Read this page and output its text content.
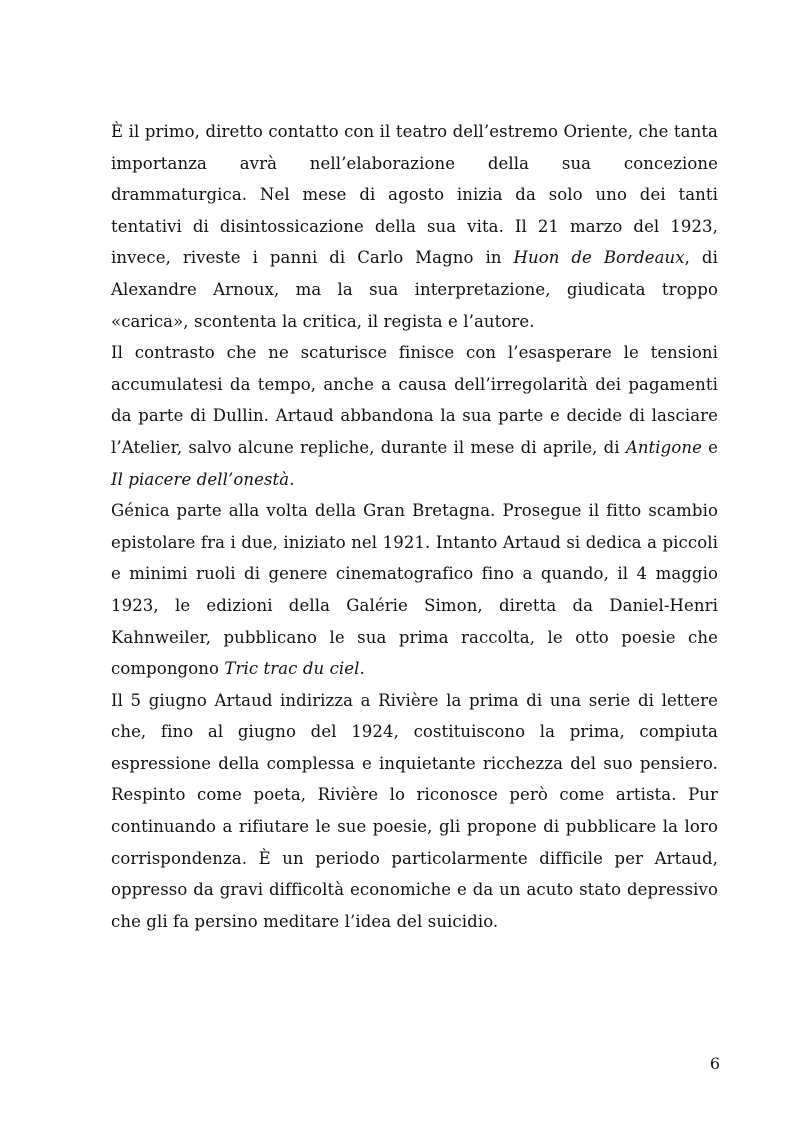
È il primo, diretto contatto con il teatro dell’estremo Oriente, che tanta importanza avrà nell’elaborazione della sua concezione drammaturgica. Nel mese di agosto inizia da solo uno dei tanti tentativi di disintossicazione della sua vita. Il 21 marzo del 1923, invece, riveste i panni di Carlo Magno in Huon de Bordeaux, di Alexandre Arnoux, ma la sua interpretazione, giudicata troppo «carica», scontenta la critica, il regista e l’autore.

Il contrasto che ne scaturisce finisce con l’esasperare le tensioni accumulatesi da tempo, anche a causa dell’irregolarità dei pagamenti da parte di Dullin. Artaud abbandona la sua parte e decide di lasciare l’Atelier, salvo alcune repliche, durante il mese di aprile, di Antigone e Il piacere dell’onestà.

Génica parte alla volta della Gran Bretagna. Prosegue il fitto scambio epistolare fra i due, iniziato nel 1921. Intanto Artaud si dedica a piccoli e minimi ruoli di genere cinematografico fino a quando, il 4 maggio 1923, le edizioni della Galérie Simon, diretta da Daniel-Henri Kahnweiler, pubblicano le sua prima raccolta, le otto poesie che compongono Tric trac du ciel.

Il 5 giugno Artaud indirizza a Rivière la prima di una serie di lettere che, fino al giugno del 1924, costituiscono la prima, compiuta espressione della complessa e inquietante ricchezza del suo pensiero. Respinto come poeta, Rivière lo riconosce però come artista. Pur continuando a rifiutare le sue poesie, gli propone di pubblicare la loro corrispondenza. È un periodo particolarmente difficile per Artaud, oppresso da gravi difficoltà economiche e da un acuto stato depressivo che gli fa persino meditare l’idea del suicidio.

6
